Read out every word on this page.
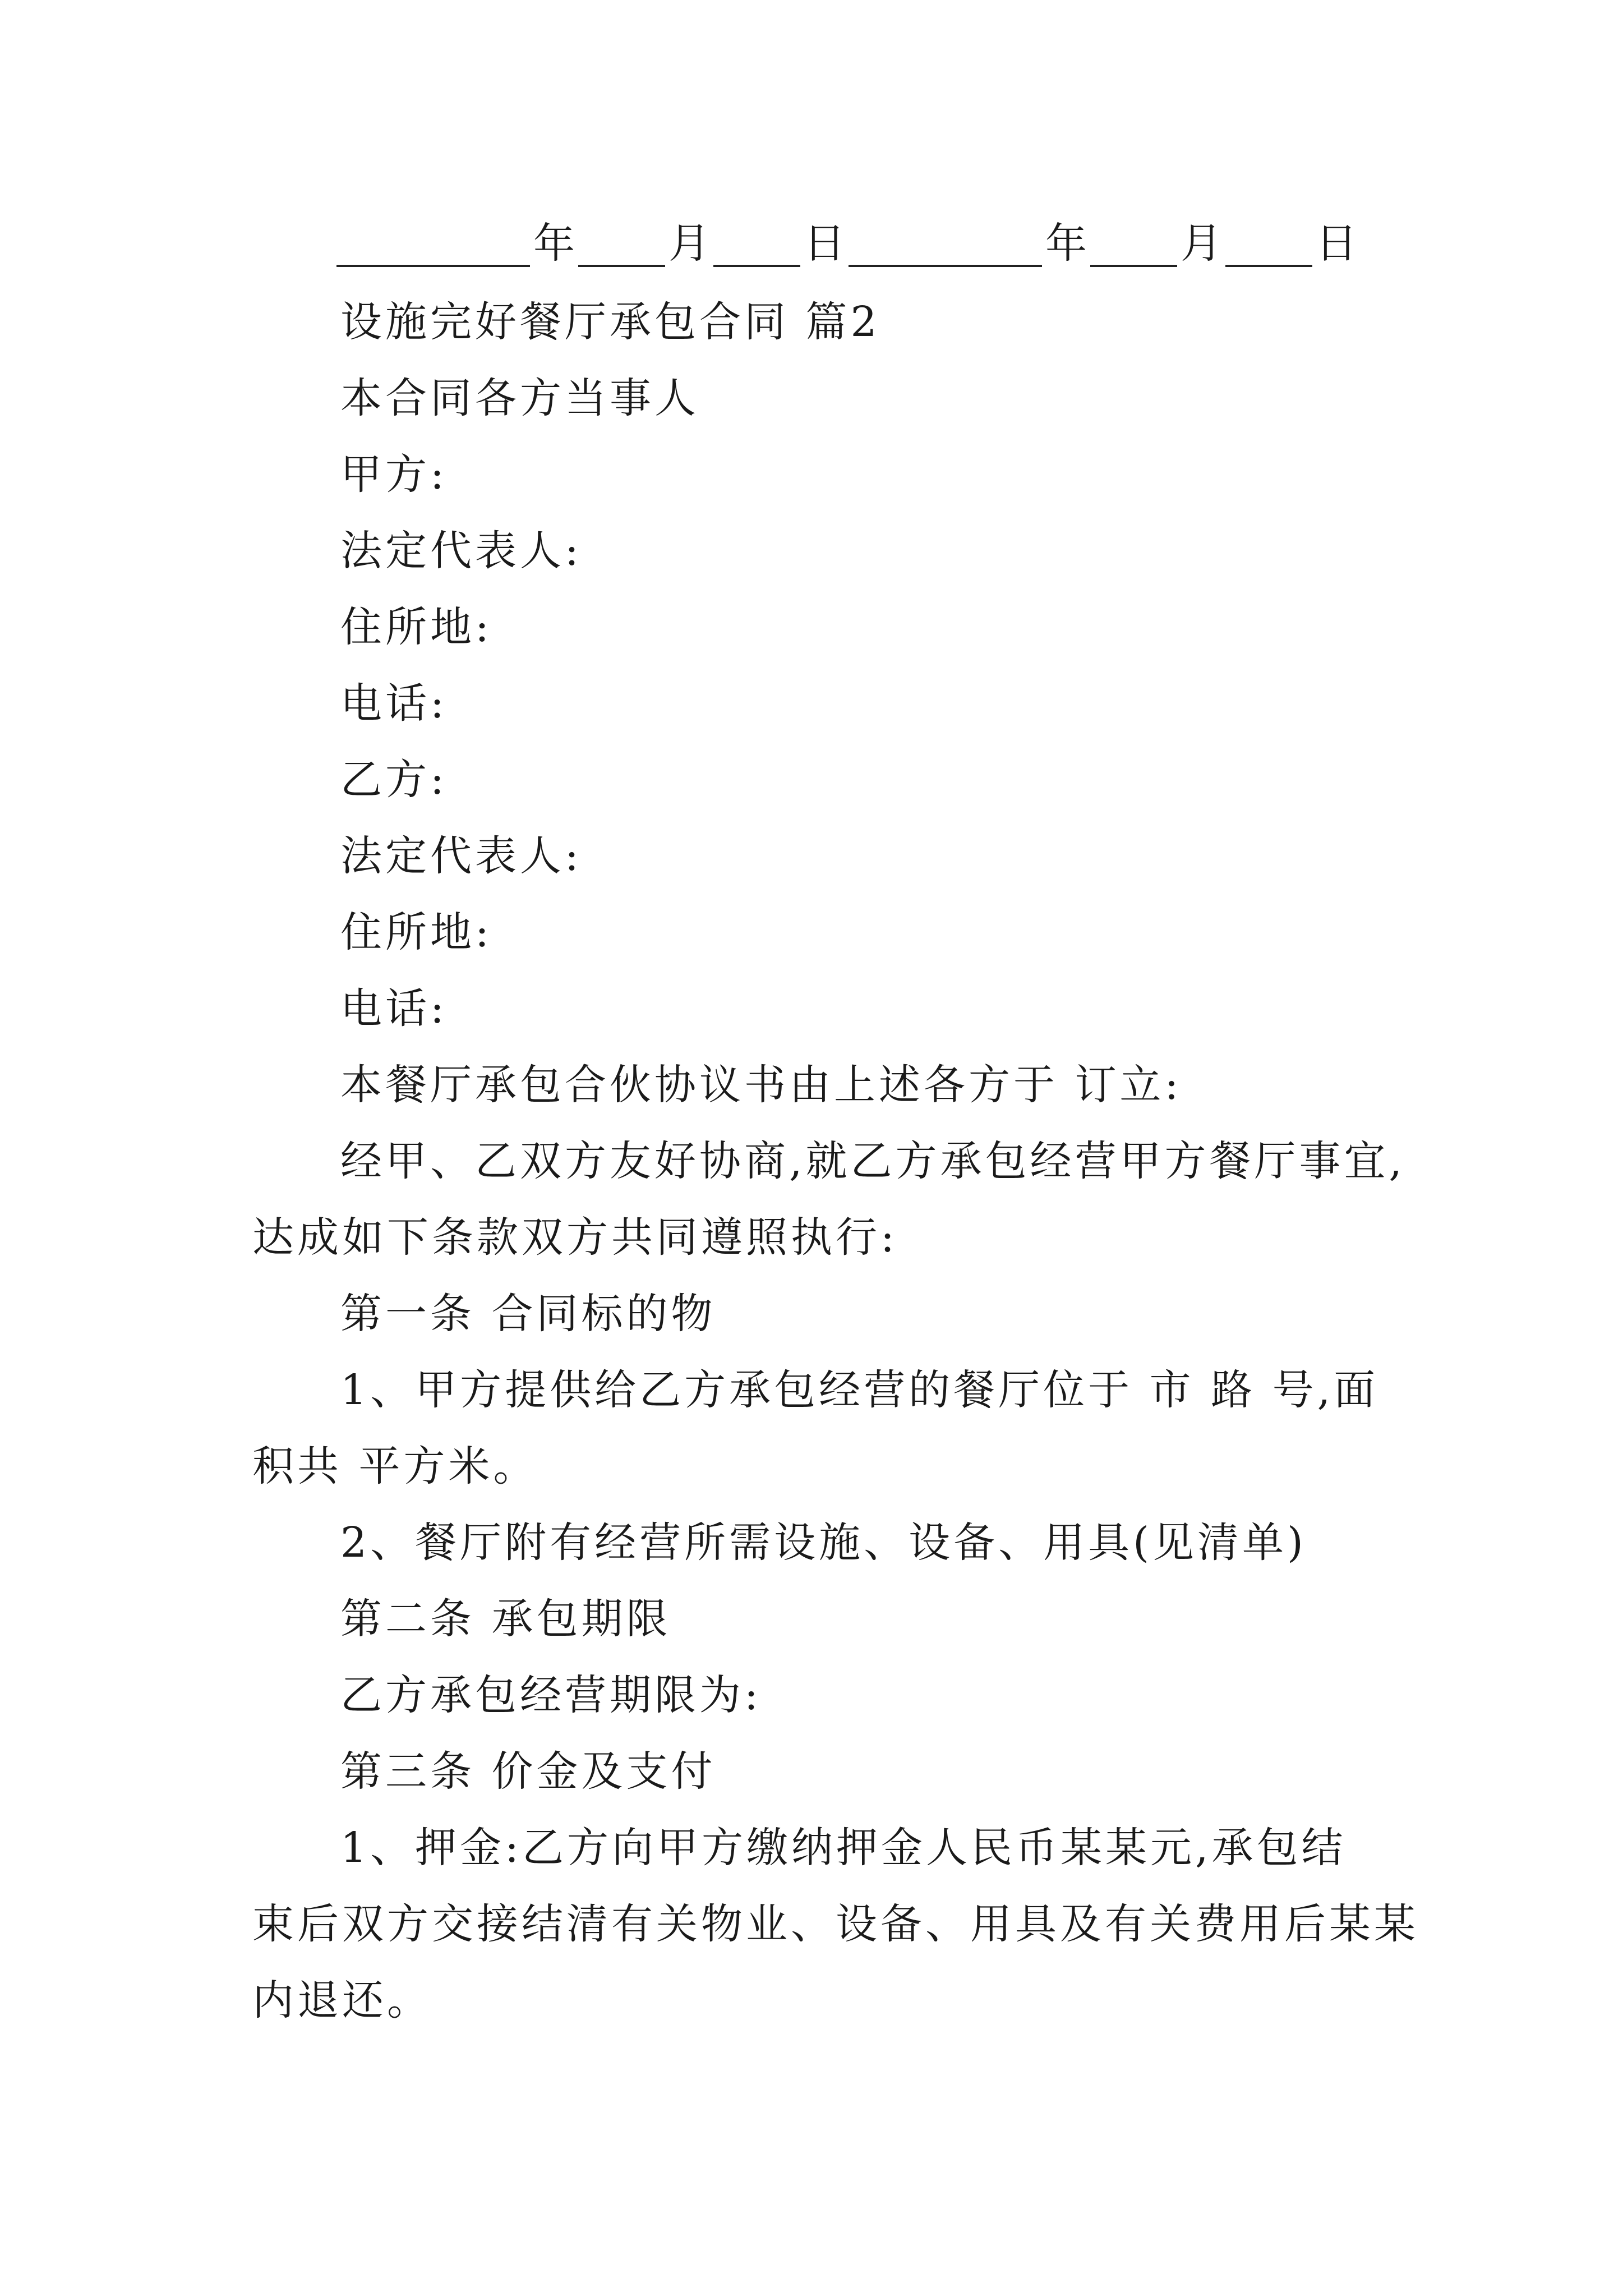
年 月 日	年 月 日
设施完好餐厅承包合同 篇2
本合同各方当事人
甲方:
法定代表人:
住所地:
电话:
乙方:
法定代表人:
住所地:
电话:
本餐厅承包合伙协议书由上述各方于 订立:
经甲、乙双方友好协商,就乙方承包经营甲方餐厅事宜,
达成如下条款双方共同遵照执行:
第一条 合同标的物
1、甲方提供给乙方承包经营的餐厅位于 市 路 号,面
积共 平方米。
2、餐厅附有经营所需设施、设备、用具(见清单)
第二条 承包期限
乙方承包经营期限为:
第三条 价金及支付
1、押金:乙方向甲方缴纳押金人民币某某元,承包结
束后双方交接结清有关物业、设备、用具及有关费用后某某
内退还。
